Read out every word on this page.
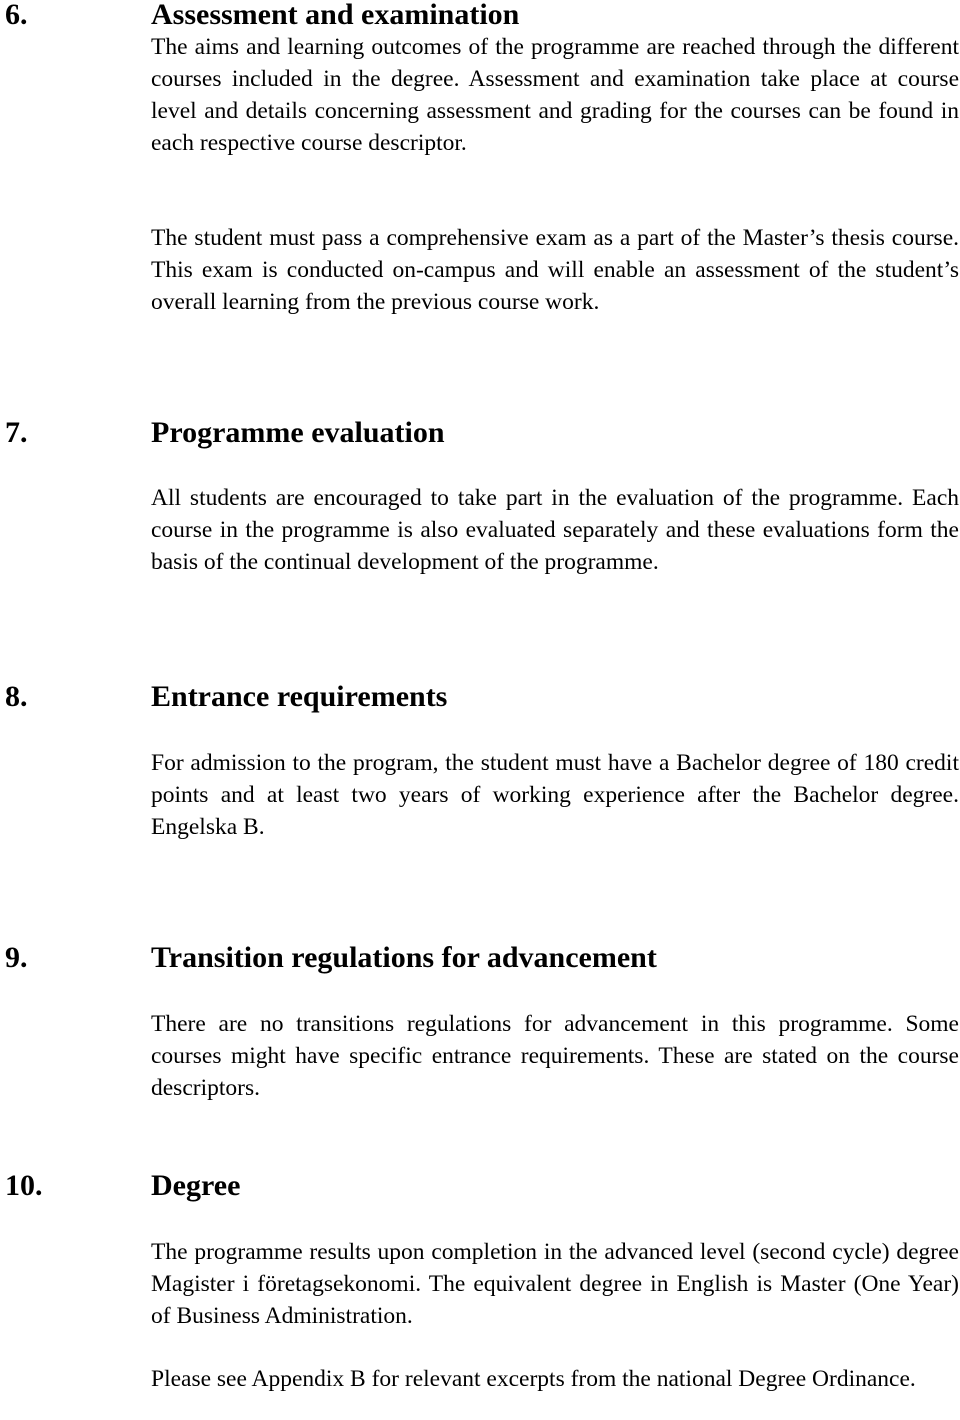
6.	Assessment and examination

The aims and learning outcomes of the programme are reached through the different courses included in the degree. Assessment and examination take place at course level and details concerning assessment and grading for the courses can be found in each respective course descriptor.

The student must pass a comprehensive exam as a part of the Master’s thesis course. This exam is conducted on-campus and will enable an assessment of the student’s overall learning from the previous course work.

7.	Programme evaluation

All students are encouraged to take part in the evaluation of the programme. Each course in the programme is also evaluated separately and these evaluations form the basis of the continual development of the programme.

8.	Entrance requirements

For admission to the program, the student must have a Bachelor degree of 180 credit points and at least two years of working experience after the Bachelor degree. Engelska B.

9.	Transition regulations for advancement

There are no transitions regulations for advancement in this programme. Some courses might have specific entrance requirements. These are stated on the course descriptors.

10.	Degree

The programme results upon completion in the advanced level (second cycle) degree Magister i företagsekonomi. The equivalent degree in English is Master (One Year) of Business Administration.

Please see Appendix B for relevant excerpts from the national Degree Ordinance.
